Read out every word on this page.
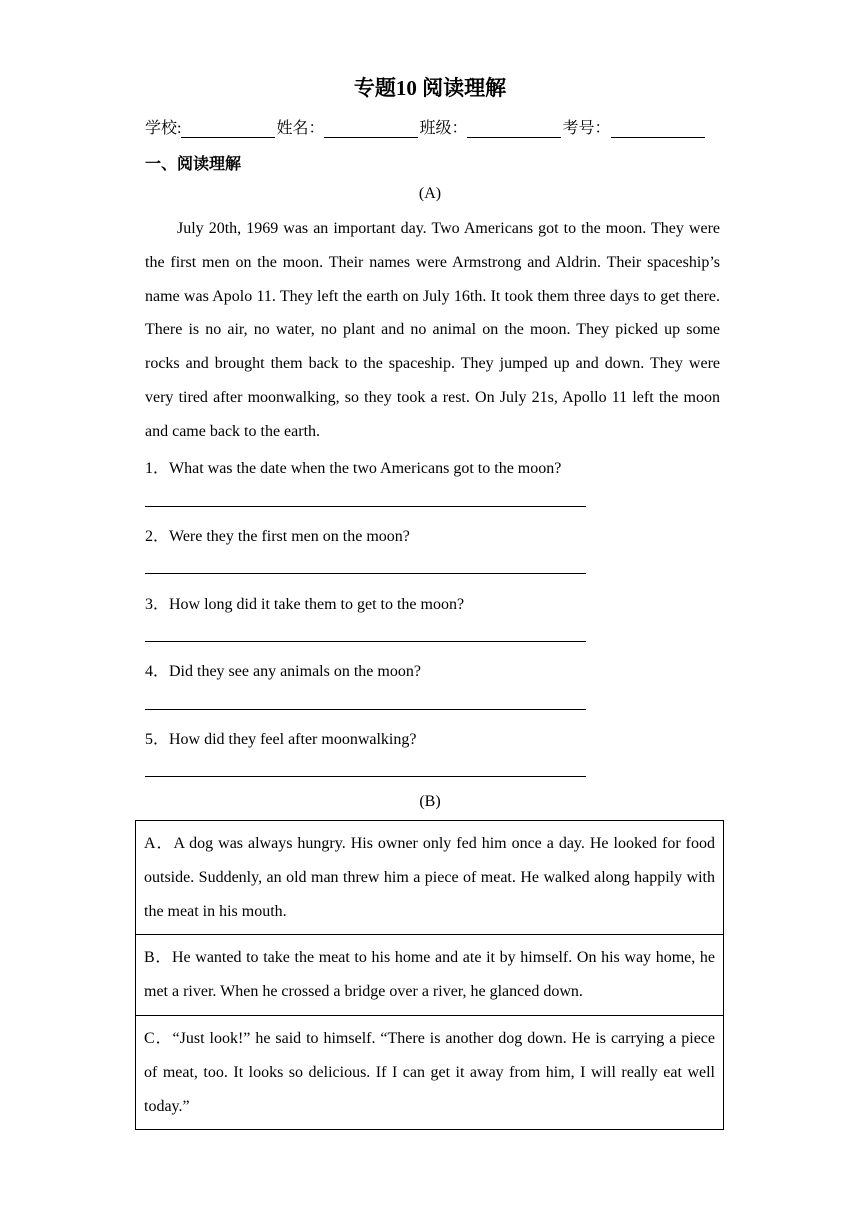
专题10 阅读理解
学校:	姓名：	班级：	考号：
一、阅读理解
(A)

July 20th, 1969 was an important day. Two Americans got to the moon. They were the first men on the moon. Their names were Armstrong and Aldrin. Their spaceship’s name was Apolo 11. They left the earth on July 16th. It took them three days to get there. There is no air, no water, no plant and no animal on the moon. They picked up some rocks and brought them back to the spaceship. They jumped up and down. They were very tired after moonwalking, so they took a rest. On July 21s, Apollo 11 left the moon and came back to the earth.

1．What was the date when the two Americans got to the moon?
2．Were they the first men on the moon?
3．How long did it take them to get to the moon?
4．Did they see any animals on the moon?
5．How did they feel after moonwalking?
(B)
A．A dog was always hungry. His owner only fed him once a day. He looked for food outside. Suddenly, an old man threw him a piece of meat. He walked along happily with the meat in his mouth.
B．He wanted to take the meat to his home and ate it by himself. On his way home, he met a river. When he crossed a bridge over a river, he glanced down.
C．“Just look!” he said to himself. “There is another dog down. He is carrying a piece of meat, too. It looks so delicious. If I can get it away from him, I will really eat well today.”
